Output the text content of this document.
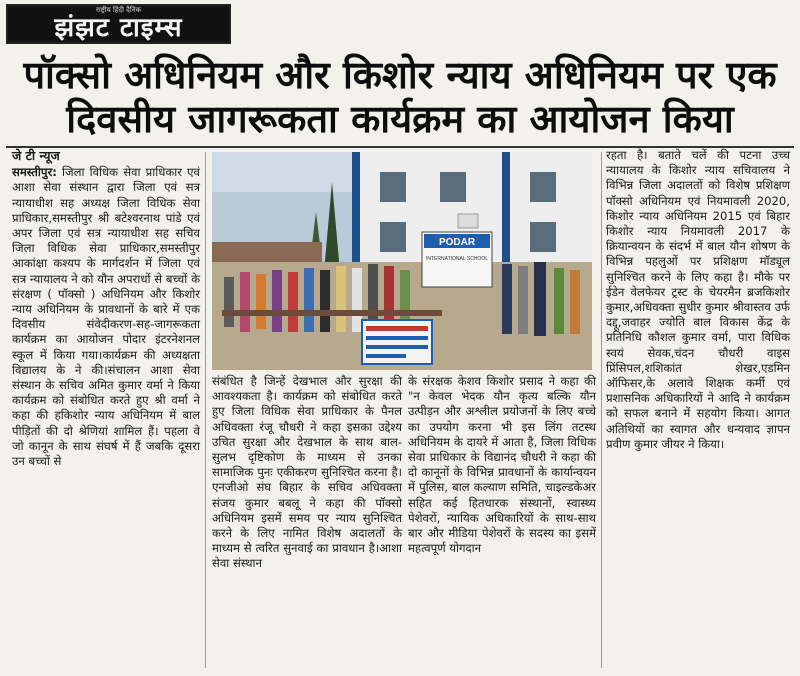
राष्ट्रीय हिंदी दैनिक
झंझट टाइम्स
पॉक्सो अधिनियम और किशोर न्याय अधिनियम पर एक
दिवसीय जागरूकता कार्यक्रम का आयोजन किया
जे टी न्यूज
समस्तीपुर: जिला विधिक सेवा प्राधिकार एवं आशा सेवा संस्थान द्वारा जिला एवं सत्र न्यायाधीश सह अध्यक्ष जिला विधिक सेवा प्राधिकार,समस्तीपुर श्री बटेश्वरनाथ पांडे एवं अपर जिला एवं सत्र न्यायाधीश सह सचिव जिला विधिक सेवा प्राधिकार,समस्तीपुर आकांक्षा कश्यप के मार्गदर्शन में जिला एवं सत्र न्यायालय ने को यौन अपराधों से बच्चों के संरक्षण ( पॉक्सो ) अधिनियम और किशोर न्याय अधिनियम के प्रावधानों के बारे में एक दिवसीय संवेदीकरण-सह-जागरूकता कार्यक्रम का आयोजन पोदार इंटरनेशनल स्कूल में किया गया।कार्यक्रम की अध्यक्षता विद्यालय के ने की।संचालन आशा सेवा संस्थान के सचिव अमित कुमार वर्मा ने किया कार्यक्रम को संबोधित करते हुए श्री वर्मा ने कहा की हकिशोर न्याय अधिनियम में बाल पीड़ितों की दो श्रेणियां शामिल हैं। पहला वे जो कानून के साथ संघर्ष में हैं जबकि दूसरा उन बच्चों से
PODAR
INTERNATIONAL SCHOOL
संबंधित है जिन्हें देखभाल और सुरक्षा की आवश्यकता है। कार्यक्रम को संबोधित करते हुए जिला विधिक सेवा प्राधिकार के पैनल अधिवक्ता रंजू चौधरी ने कहा इसका उद्देश्य उचित सुरक्षा और देखभाल के साथ बाल-सुलभ दृष्टिकोण के माध्यम से उनका सामाजिक पुनः एकीकरण सुनिश्चित करना है। एनजीओ संघ बिहार के सचिव अधिवक्ता संजय कुमार बबलू ने कहा की पॉक्सो अधिनियम इसमें समय पर न्याय सुनिश्चित करने के लिए नामित विशेष अदालतों के माध्यम से त्वरित सुनवाई का प्रावधान है।आशा सेवा संस्थान
के संरक्षक केशव किशोर प्रसाद ने कहा की "न केवल भेदक यौन कृत्य बल्कि यौन उत्पीड़न और अश्लील प्रयोजनों के लिए बच्चे का उपयोग करना भी इस लिंग तटस्थ अधिनियम के दायरे में आता है, जिला विधिक सेवा प्राधिकार के विद्यानंद चौधरी ने कहा की दो कानूनों के विभिन्न प्रावधानों के कार्यान्वयन में पुलिस, बाल कल्याण समिति, चाइल्डकेअर सहित कई हितधारक संस्थानों, स्वास्थ्य पेशेवरों, न्यायिक अधिकारियों के साथ-साथ बार और मीडिया पेशेवरों के सदस्य का इसमें महत्वपूर्ण योगदान
रहता है। बताते चलें की पटना उच्च न्यायालय के किशोर न्याय सचिवालय ने विभिन्न जिला अदालतों को विशेष प्रशिक्षण पॉक्सो अधिनियम एवं नियमावली 2020, किशोर न्याय अधिनियम 2015 एवं बिहार किशोर न्याय नियमावली 2017 के क्रियान्वयन के संदर्भ में बाल यौन शोषण के विभिन्न पहलुओं पर प्रशिक्षण मॉड्यूल सुनिश्चित करने के लिए कहा है। मौके पर ईडेन वेलफेयर ट्रस्ट के चेयरमैन ब्रजकिशोर कुमार,अधिवक्ता सुधीर कुमार श्रीवास्तव उर्फ दद्दू,जवाहर ज्योति बाल विकास केंद्र के प्रतिनिधि कौशल कुमार वर्मा, पारा विधिक स्वयं सेवक,चंदन चौधरी वाइस प्रिंसिपल,शशिकांत शेखर,एडमिन ऑफिसर,के अलावे शिक्षक कर्मी एवं प्रशासनिक अधिकारियों ने आदि ने कार्यक्रम को सफल बनाने में सहयोग किया। आगत अतिथियों का स्वागत और धन्यवाद ज्ञापन प्रवीण कुमार जीयर ने किया।
